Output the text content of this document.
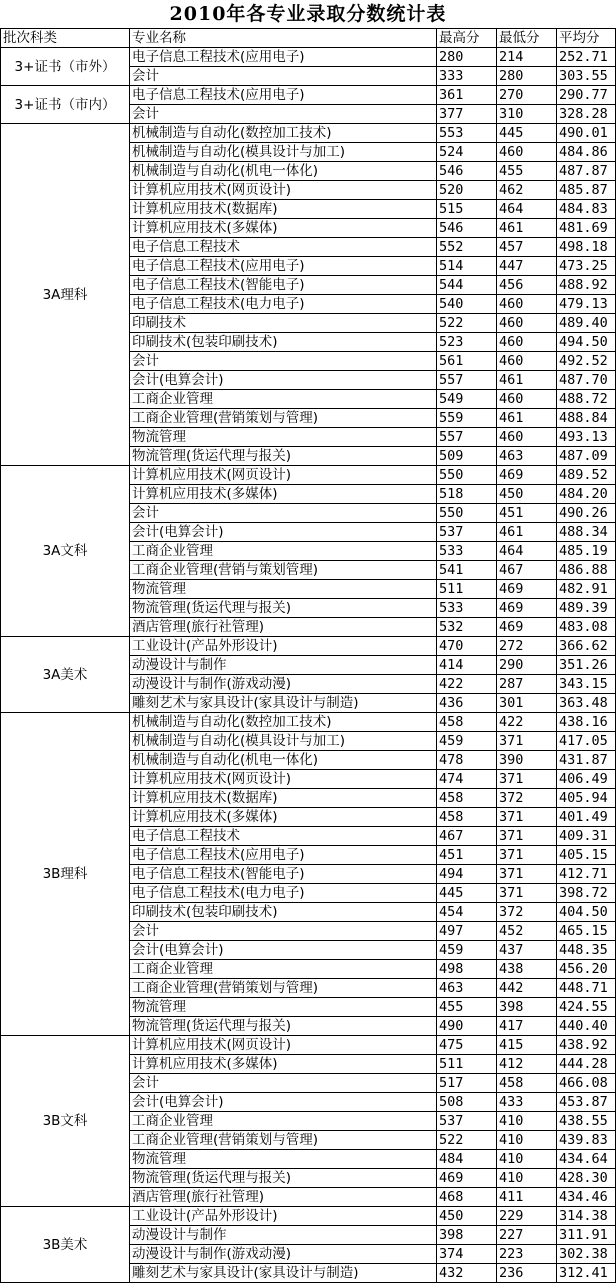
2010年各专业录取分数统计表
批次科类	专业名称	最高分	最低分	平均分
3+证书（市外）	电子信息工程技术(应用电子)	280	214	252.71
	会计	333	280	303.55
3+证书（市内）	电子信息工程技术(应用电子)	361	270	290.77
	会计	377	310	328.28
3A理科	机械制造与自动化(数控加工技术)	553	445	490.01
	机械制造与自动化(模具设计与加工)	524	460	484.86
	机械制造与自动化(机电一体化)	546	455	487.87
	计算机应用技术(网页设计)	520	462	485.87
	计算机应用技术(数据库)	515	464	484.83
	计算机应用技术(多媒体)	546	461	481.69
	电子信息工程技术	552	457	498.18
	电子信息工程技术(应用电子)	514	447	473.25
	电子信息工程技术(智能电子)	544	456	488.92
	电子信息工程技术(电力电子)	540	460	479.13
	印刷技术	522	460	489.40
	印刷技术(包装印刷技术)	523	460	494.50
	会计	561	460	492.52
	会计(电算会计)	557	461	487.70
	工商企业管理	549	460	488.72
	工商企业管理(营销策划与管理)	559	461	488.84
	物流管理	557	460	493.13
	物流管理(货运代理与报关)	509	463	487.09
3A文科	计算机应用技术(网页设计)	550	469	489.52
	计算机应用技术(多媒体)	518	450	484.20
	会计	550	451	490.26
	会计(电算会计)	537	461	488.34
	工商企业管理	533	464	485.19
	工商企业管理(营销与策划管理)	541	467	486.88
	物流管理	511	469	482.91
	物流管理(货运代理与报关)	533	469	489.39
	酒店管理(旅行社管理)	532	469	483.08
3A美术	工业设计(产品外形设计)	470	272	366.62
	动漫设计与制作	414	290	351.26
	动漫设计与制作(游戏动漫)	422	287	343.15
	雕刻艺术与家具设计(家具设计与制造)	436	301	363.48
3B理科	机械制造与自动化(数控加工技术)	458	422	438.16
	机械制造与自动化(模具设计与加工)	459	371	417.05
	机械制造与自动化(机电一体化)	478	390	431.87
	计算机应用技术(网页设计)	474	371	406.49
	计算机应用技术(数据库)	458	372	405.94
	计算机应用技术(多媒体)	458	371	401.49
	电子信息工程技术	467	371	409.31
	电子信息工程技术(应用电子)	451	371	405.15
	电子信息工程技术(智能电子)	494	371	412.71
	电子信息工程技术(电力电子)	445	371	398.72
	印刷技术(包装印刷技术)	454	372	404.50
	会计	497	452	465.15
	会计(电算会计)	459	437	448.35
	工商企业管理	498	438	456.20
	工商企业管理(营销策划与管理)	463	442	448.71
	物流管理	455	398	424.55
	物流管理(货运代理与报关)	490	417	440.40
3B文科	计算机应用技术(网页设计)	475	415	438.92
	计算机应用技术(多媒体)	511	412	444.28
	会计	517	458	466.08
	会计(电算会计)	508	433	453.87
	工商企业管理	537	410	438.55
	工商企业管理(营销策划与管理)	522	410	439.83
	物流管理	484	410	434.64
	物流管理(货运代理与报关)	469	410	428.30
	酒店管理(旅行社管理)	468	411	434.46
3B美术	工业设计(产品外形设计)	450	229	314.38
	动漫设计与制作	398	227	311.91
	动漫设计与制作(游戏动漫)	374	223	302.38
	雕刻艺术与家具设计(家具设计与制造)	432	236	312.41
